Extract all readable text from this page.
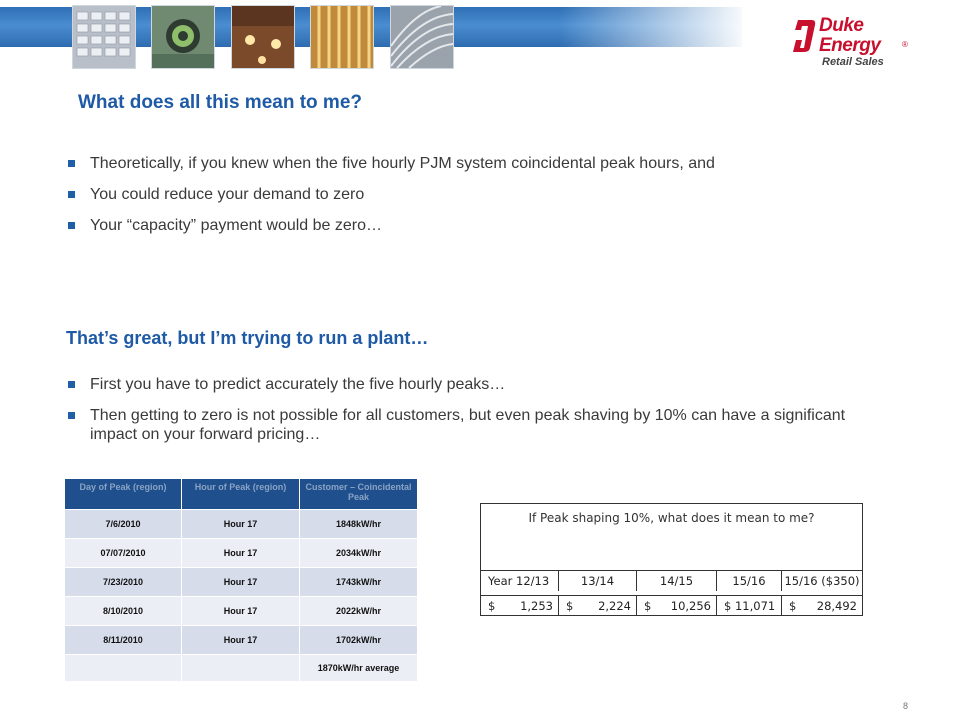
Duke Energy	®
Retail Sales
What does all this mean to me?
Theoretically, if you knew when the five hourly PJM system coincidental peak hours, and
You could reduce your demand to zero
Your “capacity” payment would be zero…
That’s great, but I’m trying to run a plant…
First you have to predict accurately the five hourly peaks…
Then getting to zero is not possible for all customers, but even peak shaving by 10% can have a significant impact on your forward pricing…
Day of Peak (region)	Hour of Peak (region)	Customer – Coincidental Peak
7/6/2010	Hour 17	1848kW/hr
07/07/2010	Hour 17	2034kW/hr
7/23/2010	Hour 17	1743kW/hr
8/10/2010	Hour 17	2022kW/hr
8/11/2010	Hour 17	1702kW/hr
		1870kW/hr average
If Peak shaping 10%, what does it mean to me?
Year 12/13	13/14	14/15	15/16	15/16 ($350)
$ 1,253 $ 2,224 $ 10,256 $ 11,071 $ 28,492
8
